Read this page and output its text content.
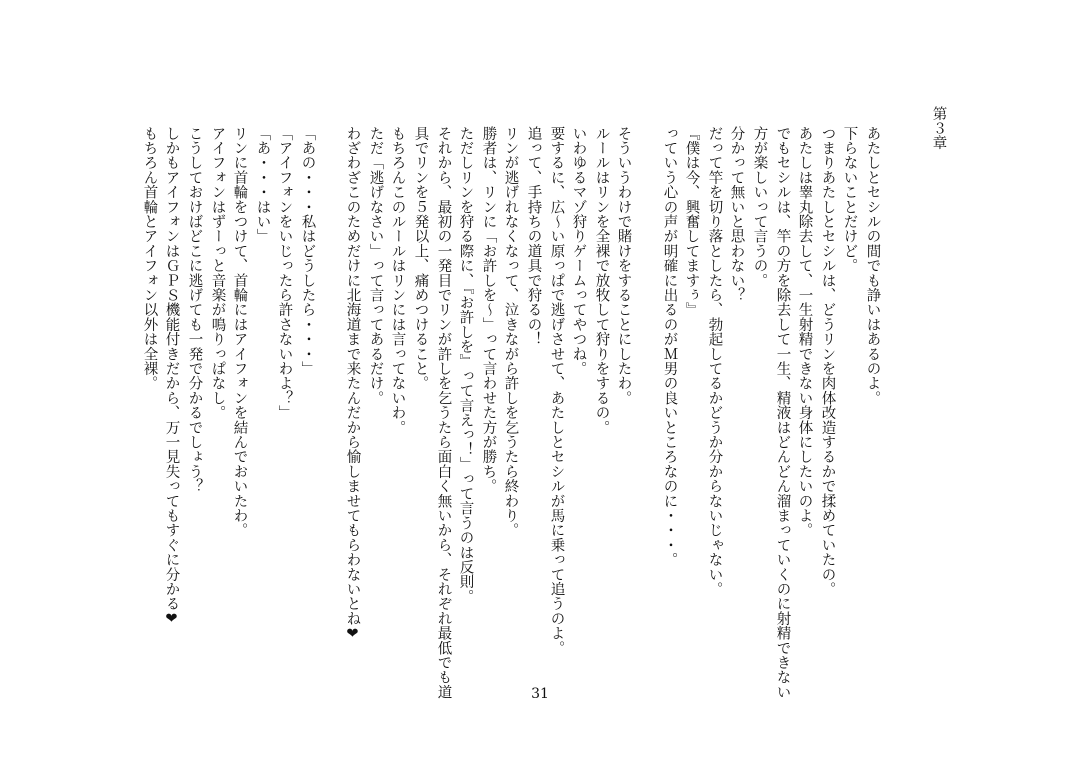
第３章
あたしとセシルの間でも諍いはあるのよ。
下らないことだけど。
つまりあたしとセシルは、どうリンを肉体改造するかで揉めていたの。
あたしは睾丸除去して、一生射精できない身体にしたいのよ。
でもセシルは、竿の方を除去して一生、精液はどんどん溜まっていくのに射精できない
方が楽しいって言うの。
分かって無いと思わない？
だって竿を切り落としたら、勃起してるかどうか分からないじゃない。
『僕は今、興奮してますぅ』
っていう心の声が明確に出るのがＭ男の良いところなのに・・・。
そういうわけで賭けをすることにしたわ。
ルールはリンを全裸で放牧して狩りをするの。
いわゆるマゾ狩りゲームってやつね。
要するに、広～い原っぱで逃げさせて、あたしとセシルが馬に乗って追うのよ。
追って、手持ちの道具で狩るの！
リンが逃げれなくなって、泣きながら許しを乞うたら終わり。
勝者は、リンに「お許しを～」って言わせた方が勝ち。
ただしリンを狩る際に、『お許しを』って言えっ！」って言うのは反則。
それから、最初の一発目でリンが許しを乞うたら面白く無いから、それぞれ最低でも道
具でリンを５発以上、痛めつけること。
もちろんこのルールはリンには言ってないわ。
ただ「逃げなさい」って言ってあるだけ。
わざわざこのためだけに北海道まで来たんだから愉しませてもらわないとね❤
「あの・・・私はどうしたら・・・」
「アイフォンをいじったら許さないわよ？」
「あ・・・はい」
リンに首輪をつけて、首輪にはアイフォンを結んでおいたわ。
アイフォンはずーっと音楽が鳴りっぱなし。
こうしておけばどこに逃げても一発で分かるでしょう？
しかもアイフォンはＧＰＳ機能付きだから、万一見失ってもすぐに分かる❤
もちろん首輪とアイフォン以外は全裸。
31
